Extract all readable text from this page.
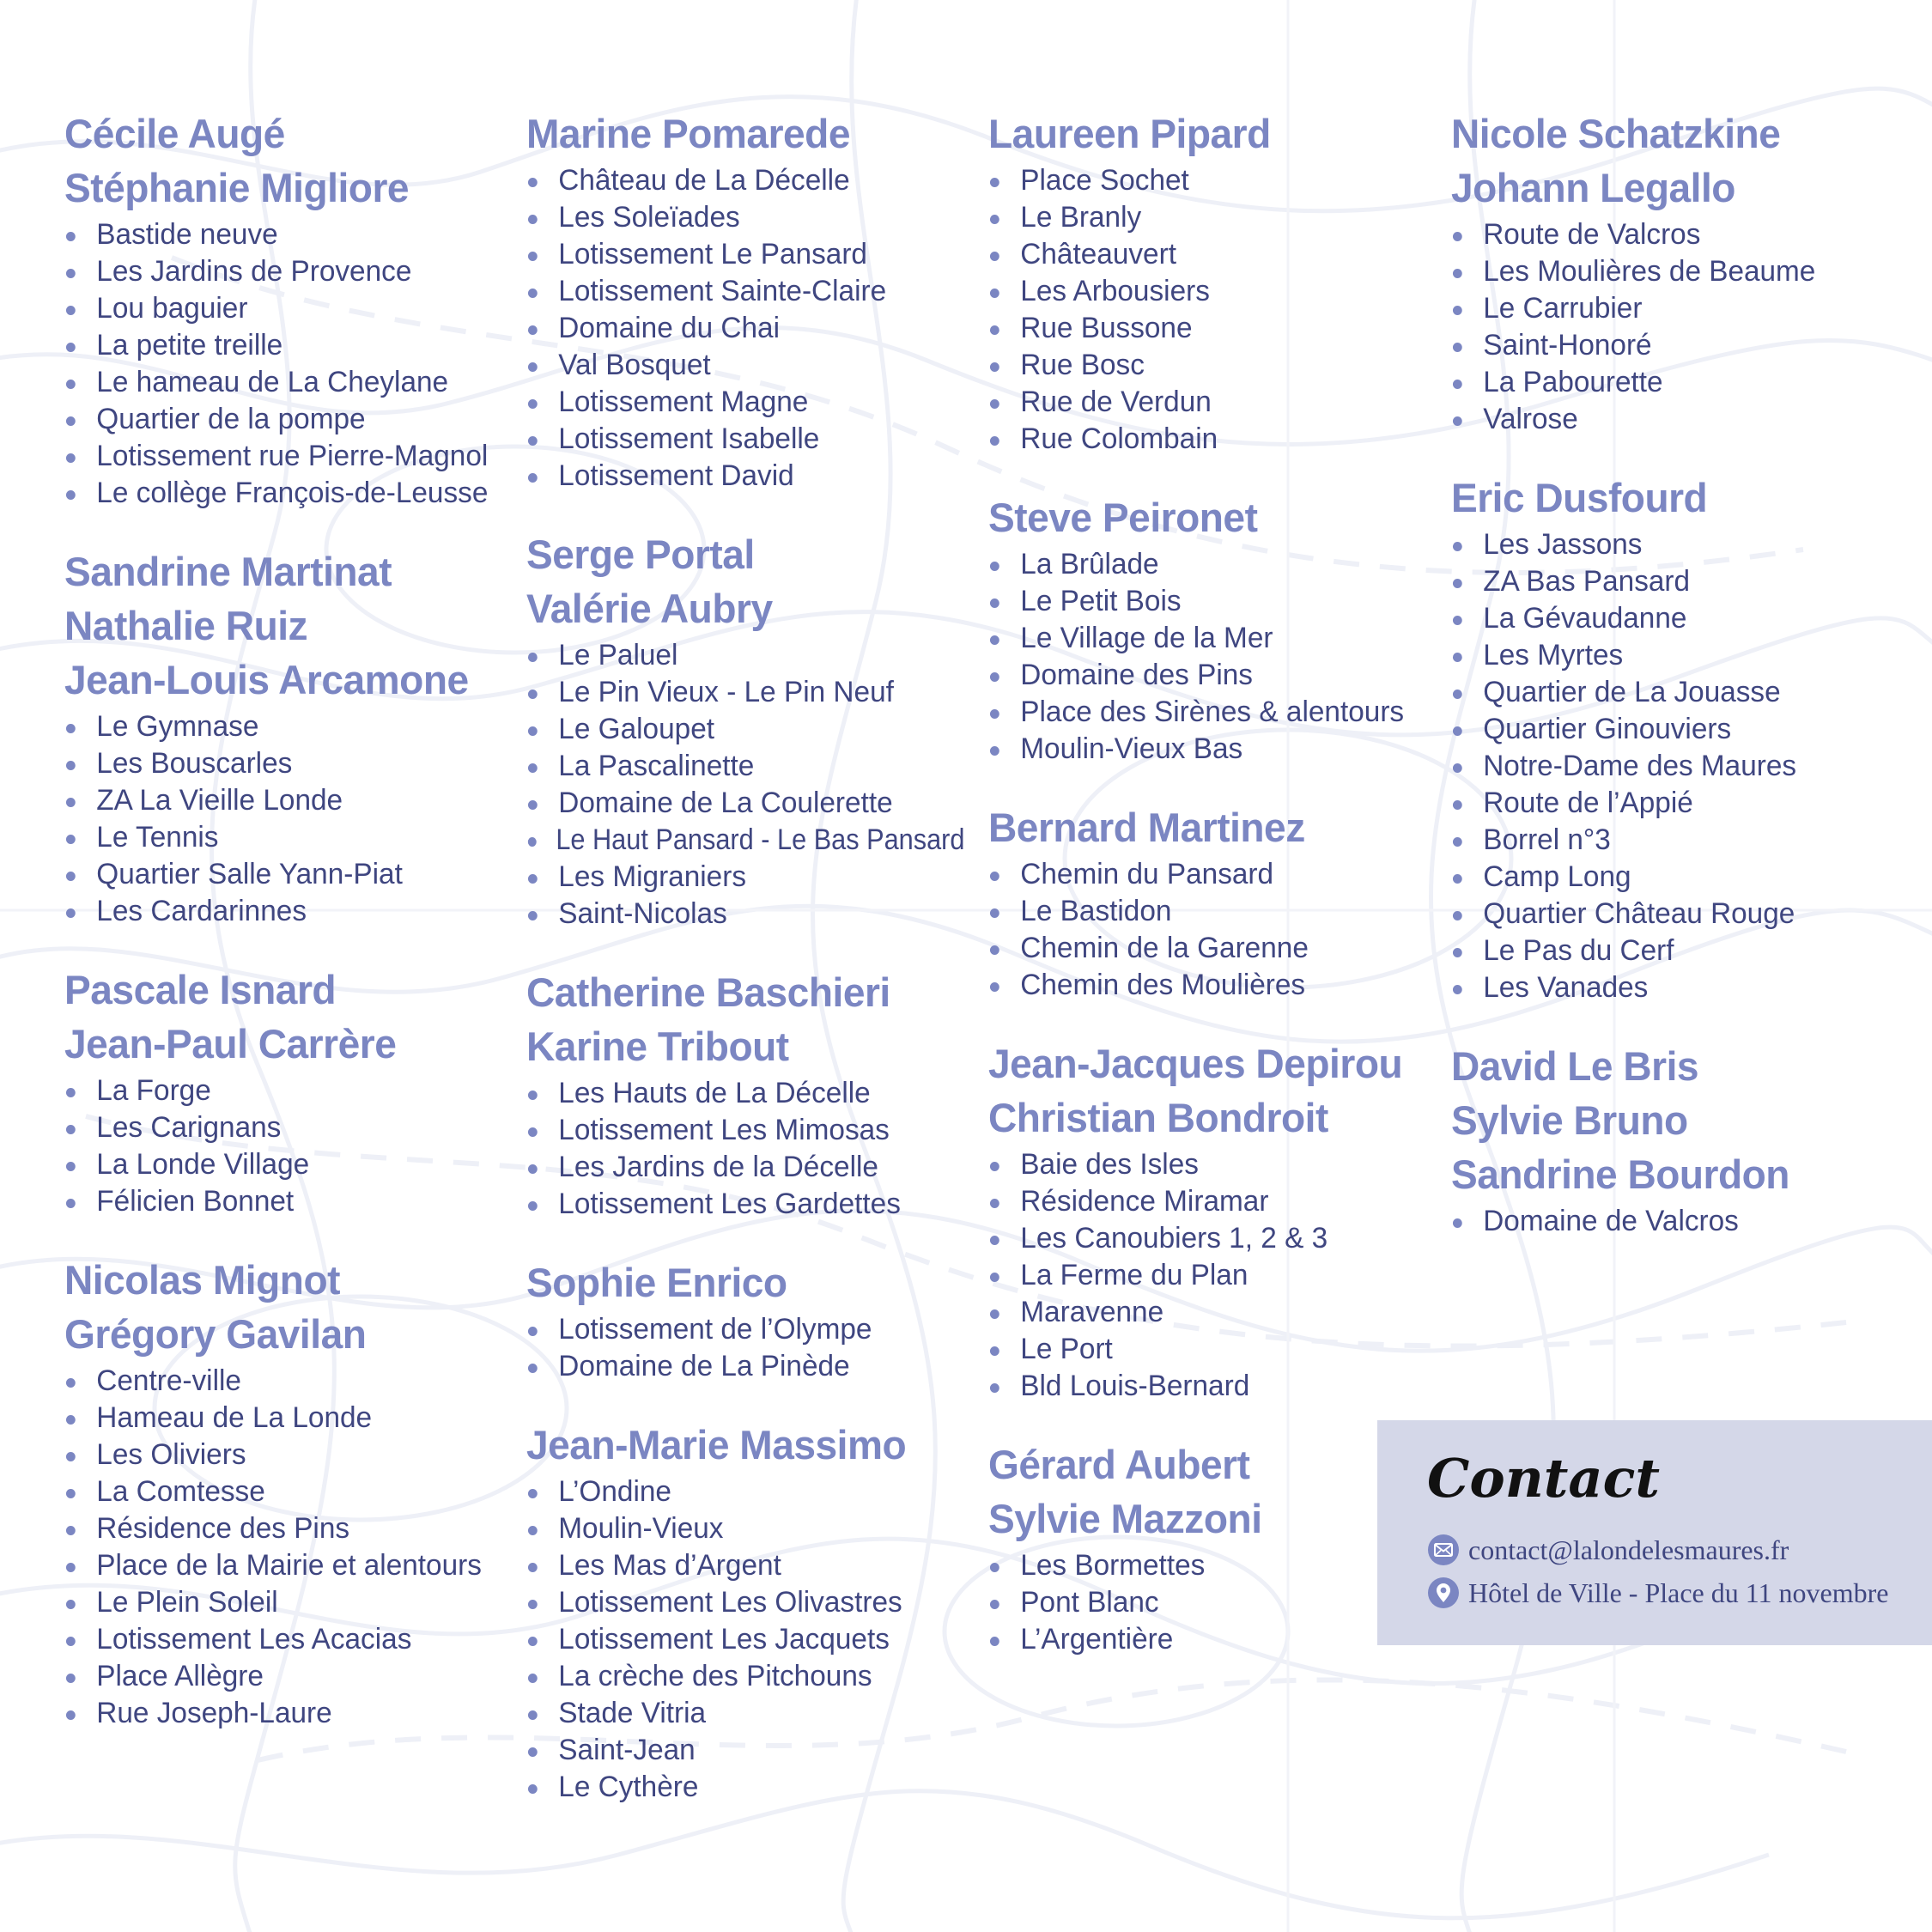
Cécile Augé
Stéphanie Migliore
Bastide neuve
Les Jardins de Provence
Lou baguier
La petite treille
Le hameau de La Cheylane
Quartier de la pompe
Lotissement rue Pierre-Magnol
Le collège François-de-Leusse
Sandrine Martinat
Nathalie Ruiz
Jean-Louis Arcamone
Le Gymnase
Les Bouscarles
ZA La Vieille Londe
Le Tennis
Quartier Salle Yann-Piat
Les Cardarinnes
Pascale Isnard
Jean-Paul Carrère
La Forge
Les Carignans
La Londe Village
Félicien Bonnet
Nicolas Mignot
Grégory Gavilan
Centre-ville
Hameau de La Londe
Les Oliviers
La Comtesse
Résidence des Pins
Place de la Mairie et alentours
Le Plein Soleil
Lotissement Les Acacias
Place Allègre
Rue Joseph-Laure
Marine Pomarede
Château de La Décelle
Les Soleïades
Lotissement Le Pansard
Lotissement Sainte-Claire
Domaine du Chai
Val Bosquet
Lotissement Magne
Lotissement Isabelle
Lotissement David
Serge Portal
Valérie Aubry
Le Paluel
Le Pin Vieux - Le Pin Neuf
Le Galoupet
La Pascalinette
Domaine de La Coulerette
Le Haut Pansard - Le Bas Pansard
Les Migraniers
Saint-Nicolas
Catherine Baschieri
Karine Tribout
Les Hauts de La Décelle
Lotissement Les Mimosas
Les Jardins de la Décelle
Lotissement Les Gardettes
Sophie Enrico
Lotissement de l’Olympe
Domaine de La Pinède
Jean-Marie Massimo
L’Ondine
Moulin-Vieux
Les Mas d’Argent
Lotissement Les Olivastres
Lotissement Les Jacquets
La crèche des Pitchouns
Stade Vitria
Saint-Jean
Le Cythère
Laureen Pipard
Place Sochet
Le Branly
Châteauvert
Les Arbousiers
Rue Bussone
Rue Bosc
Rue de Verdun
Rue Colombain
Steve Peironet
La Brûlade
Le Petit Bois
Le Village de la Mer
Domaine des Pins
Place des Sirènes & alentours
Moulin-Vieux Bas
Bernard Martinez
Chemin du Pansard
Le Bastidon
Chemin de la Garenne
Chemin des Moulières
Jean-Jacques Depirou
Christian Bondroit
Baie des Isles
Résidence Miramar
Les Canoubiers 1, 2 & 3
La Ferme du Plan
Maravenne
Le Port
Bld Louis-Bernard
Gérard Aubert
Sylvie Mazzoni
Les Bormettes
Pont Blanc
L’Argentière
Nicole Schatzkine
Johann Legallo
Route de Valcros
Les Moulières de Beaume
Le Carrubier
Saint-Honoré
La Pabourette
Valrose
Eric Dusfourd
Les Jassons
ZA Bas Pansard
La Gévaudanne
Les Myrtes
Quartier de La Jouasse
Quartier Ginouviers
Notre-Dame des Maures
Route de l’Appié
Borrel n°3
Camp Long
Quartier Château Rouge
Le Pas du Cerf
Les Vanades
David Le Bris
Sylvie Bruno
Sandrine Bourdon
Domaine de Valcros
Contact
contact@lalondelesmaures.fr
Hôtel de Ville - Place du 11 novembre
